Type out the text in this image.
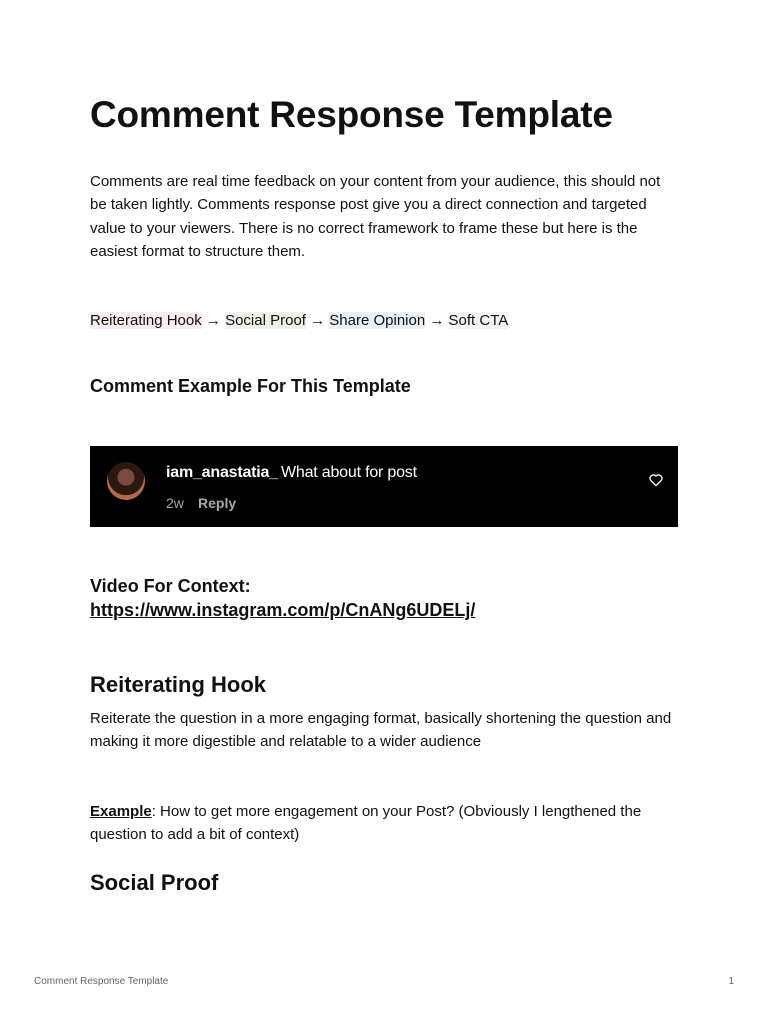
Comment Response Template

Comments are real time feedback on your content from your audience, this should not be taken lightly. Comments response post give you a direct connection and targeted value to your viewers. There is no correct framework to frame these but here is the easiest format to structure them.

Reiterating Hook → Social Proof → Share Opinion → Soft CTA

Comment Example For This Template
iam_anastatia_ What about for post
2w Reply

Video For Context:

https://www.instagram.com/p/CnANg6UDELj/
Reiterating Hook

Reiterate the question in a more engaging format, basically shortening the question and making it more digestible and relatable to a wider audience

Example: How to get more engagement on your Post? (Obviously I lengthened the question to add a bit of context)

Social Proof
Comment Response Template	1
